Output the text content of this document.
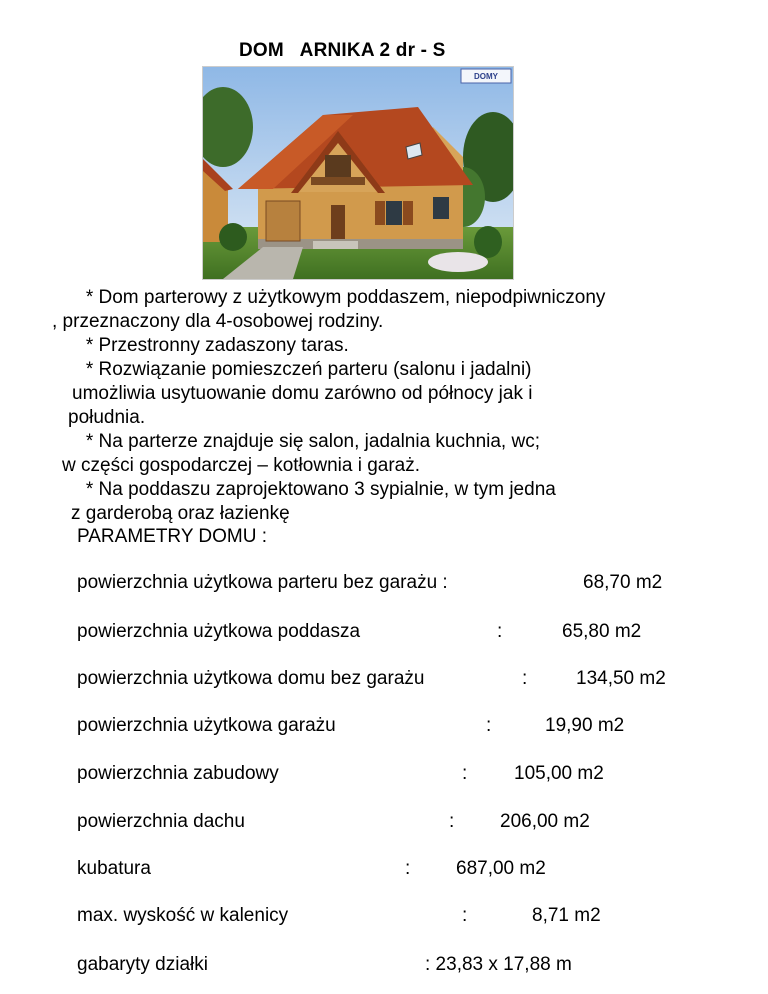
DOM   ARNIKA 2 dr - S
DOMY
* Dom parterowy z użytkowym poddaszem, niepodpiwniczony
, przeznaczony dla 4-osobowej rodziny.
* Przestronny zadaszony taras.
* Rozwiązanie pomieszczeń parteru (salonu i jadalni)
umożliwia usytuowanie domu zarówno od północy jak i
południa.
* Na parterze znajduje się salon, jadalnia kuchnia, wc;
w części gospodarczej – kotłownia i garaż.
* Na poddaszu zaprojektowano 3 sypialnie, w tym jedna
z garderobą oraz łazienkę
PARAMETRY DOMU :
powierzchnia użytkowa parteru bez garażu :	68,70 m2
powierzchnia użytkowa poddasza	:	65,80 m2
powierzchnia użytkowa domu bez garażu	:	134,50 m2
powierzchnia użytkowa garażu	:	19,90 m2
powierzchnia zabudowy	: 105,00 m2
powierzchnia dachu	: 206,00 m2
kubatura	: 687,00 m2
max. wyskość w kalenicy	:	8,71 m2
gabaryty działki	: 23,83 x 17,88 m
